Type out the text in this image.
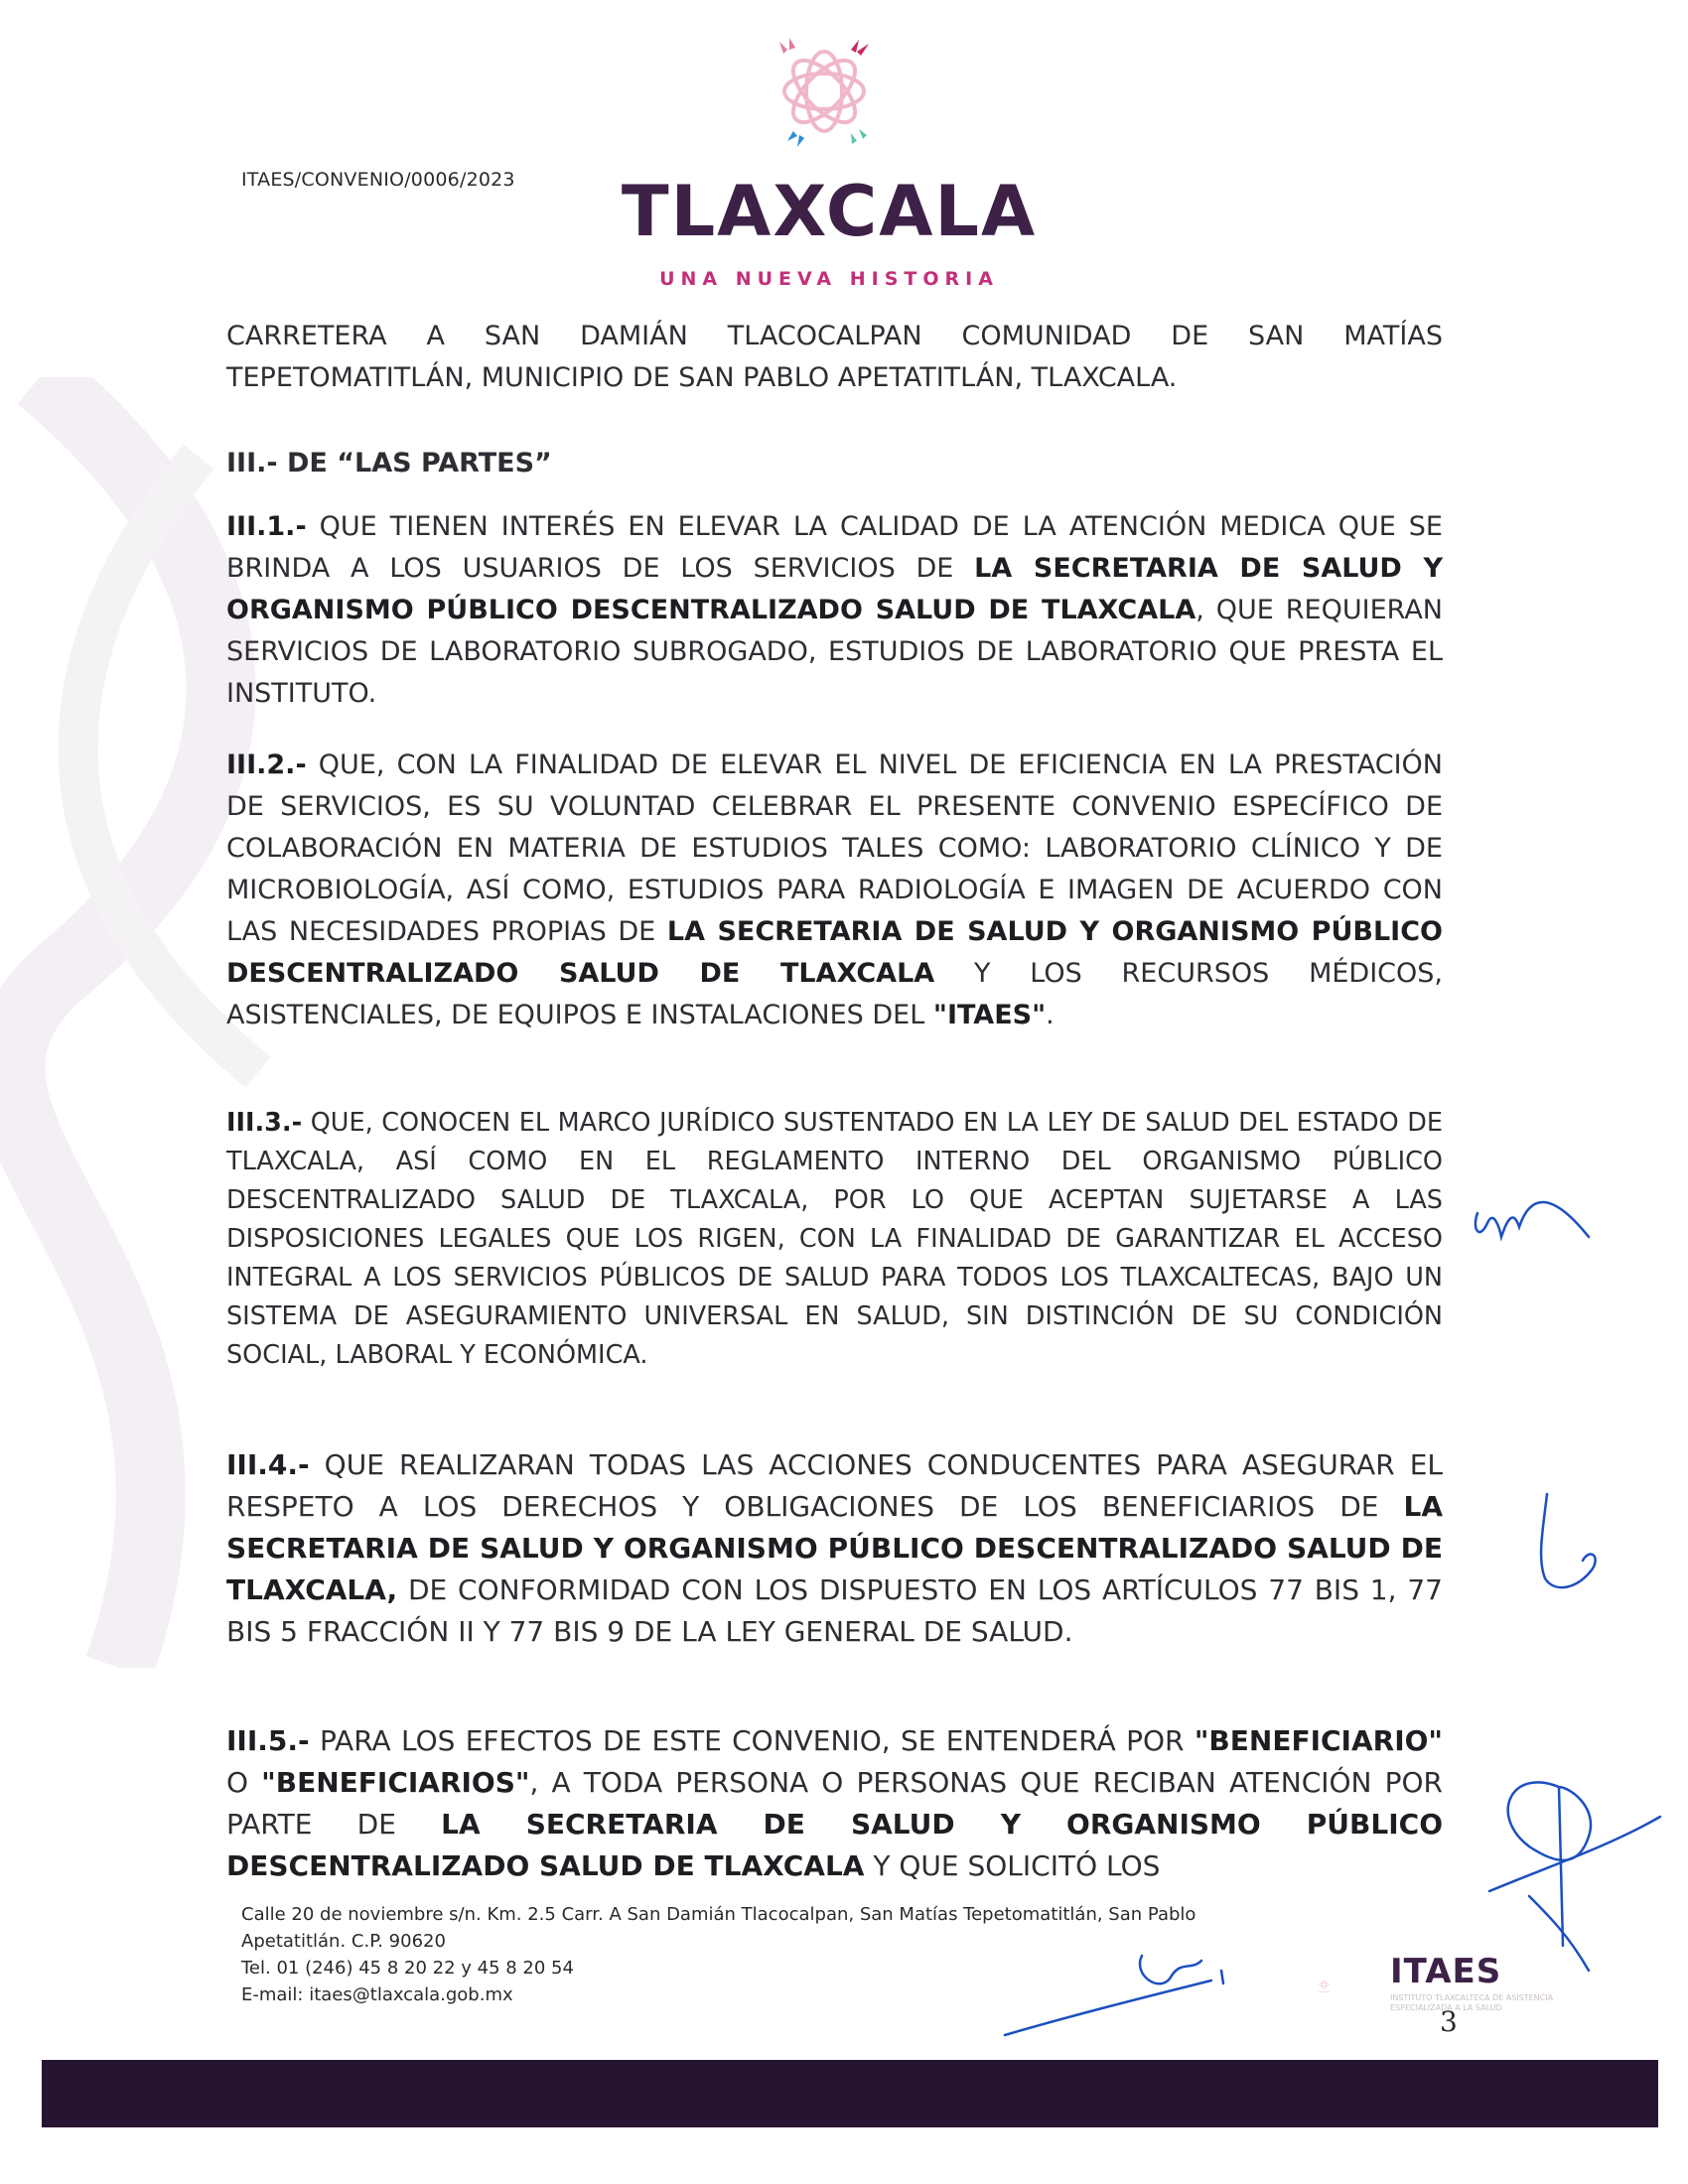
ITAES/CONVENIO/0006/2023	TLAXCALA
UNA NUEVA HISTORIA
CARRETERA A SAN DAMIÁN TLACOCALPAN COMUNIDAD DE SAN MATÍAS TEPETOMATITLÁN, MUNICIPIO DE SAN PABLO APETATITLÁN, TLAXCALA.
III.- DE “LAS PARTES”
III.1.- QUE TIENEN INTERÉS EN ELEVAR LA CALIDAD DE LA ATENCIÓN MEDICA QUE SE BRINDA A LOS USUARIOS DE LOS SERVICIOS DE LA SECRETARIA DE SALUD Y ORGANISMO PÚBLICO DESCENTRALIZADO SALUD DE TLAXCALA, QUE REQUIERAN SERVICIOS DE LABORATORIO SUBROGADO, ESTUDIOS DE LABORATORIO QUE PRESTA EL INSTITUTO.
III.2.- QUE, CON LA FINALIDAD DE ELEVAR EL NIVEL DE EFICIENCIA EN LA PRESTACIÓN DE SERVICIOS, ES SU VOLUNTAD CELEBRAR EL PRESENTE CONVENIO ESPECÍFICO DE COLABORACIÓN EN MATERIA DE ESTUDIOS TALES COMO: LABORATORIO CLÍNICO Y DE MICROBIOLOGÍA, ASÍ COMO, ESTUDIOS PARA RADIOLOGÍA E IMAGEN DE ACUERDO CON LAS NECESIDADES PROPIAS DE LA SECRETARIA DE SALUD Y ORGANISMO PÚBLICO DESCENTRALIZADO SALUD DE TLAXCALA Y LOS RECURSOS MÉDICOS, ASISTENCIALES, DE EQUIPOS E INSTALACIONES DEL "ITAES".
III.3.- QUE, CONOCEN EL MARCO JURÍDICO SUSTENTADO EN LA LEY DE SALUD DEL ESTADO DE TLAXCALA, ASÍ COMO EN EL REGLAMENTO INTERNO DEL ORGANISMO PÚBLICO DESCENTRALIZADO SALUD DE TLAXCALA, POR LO QUE ACEPTAN SUJETARSE A LAS DISPOSICIONES LEGALES QUE LOS RIGEN, CON LA FINALIDAD DE GARANTIZAR EL ACCESO INTEGRAL A LOS SERVICIOS PÚBLICOS DE SALUD PARA TODOS LOS TLAXCALTECAS, BAJO UN SISTEMA DE ASEGURAMIENTO UNIVERSAL EN SALUD, SIN DISTINCIÓN DE SU CONDICIÓN SOCIAL, LABORAL Y ECONÓMICA.
III.4.- QUE REALIZARAN TODAS LAS ACCIONES CONDUCENTES PARA ASEGURAR EL RESPETO A LOS DERECHOS Y OBLIGACIONES DE LOS BENEFICIARIOS DE LA SECRETARIA DE SALUD Y ORGANISMO PÚBLICO DESCENTRALIZADO SALUD DE TLAXCALA, DE CONFORMIDAD CON LOS DISPUESTO EN LOS ARTÍCULOS 77 BIS 1, 77 BIS 5 FRACCIÓN II Y 77 BIS 9 DE LA LEY GENERAL DE SALUD.
III.5.- PARA LOS EFECTOS DE ESTE CONVENIO, SE ENTENDERÁ POR "BENEFICIARIO" O "BENEFICIARIOS", A TODA PERSONA O PERSONAS QUE RECIBAN ATENCIÓN POR PARTE DE LA SECRETARIA DE SALUD Y ORGANISMO PÚBLICO DESCENTRALIZADO SALUD DE TLAXCALA Y QUE SOLICITÓ LOS
Calle 20 de noviembre s/n. Km. 2.5 Carr. A San Damián Tlacocalpan, San Matías Tepetomatitlán, San Pablo
Apetatitlán. C.P. 90620
Tel. 01 (246) 45 8 20 22 y 45 8 20 54
E-mail: itaes@tlaxcala.gob.mx
ITAES
INSTITUTO TLAXCALTECA DE ASISTENCIA ESPECIALIZADA A LA SALUD
3
